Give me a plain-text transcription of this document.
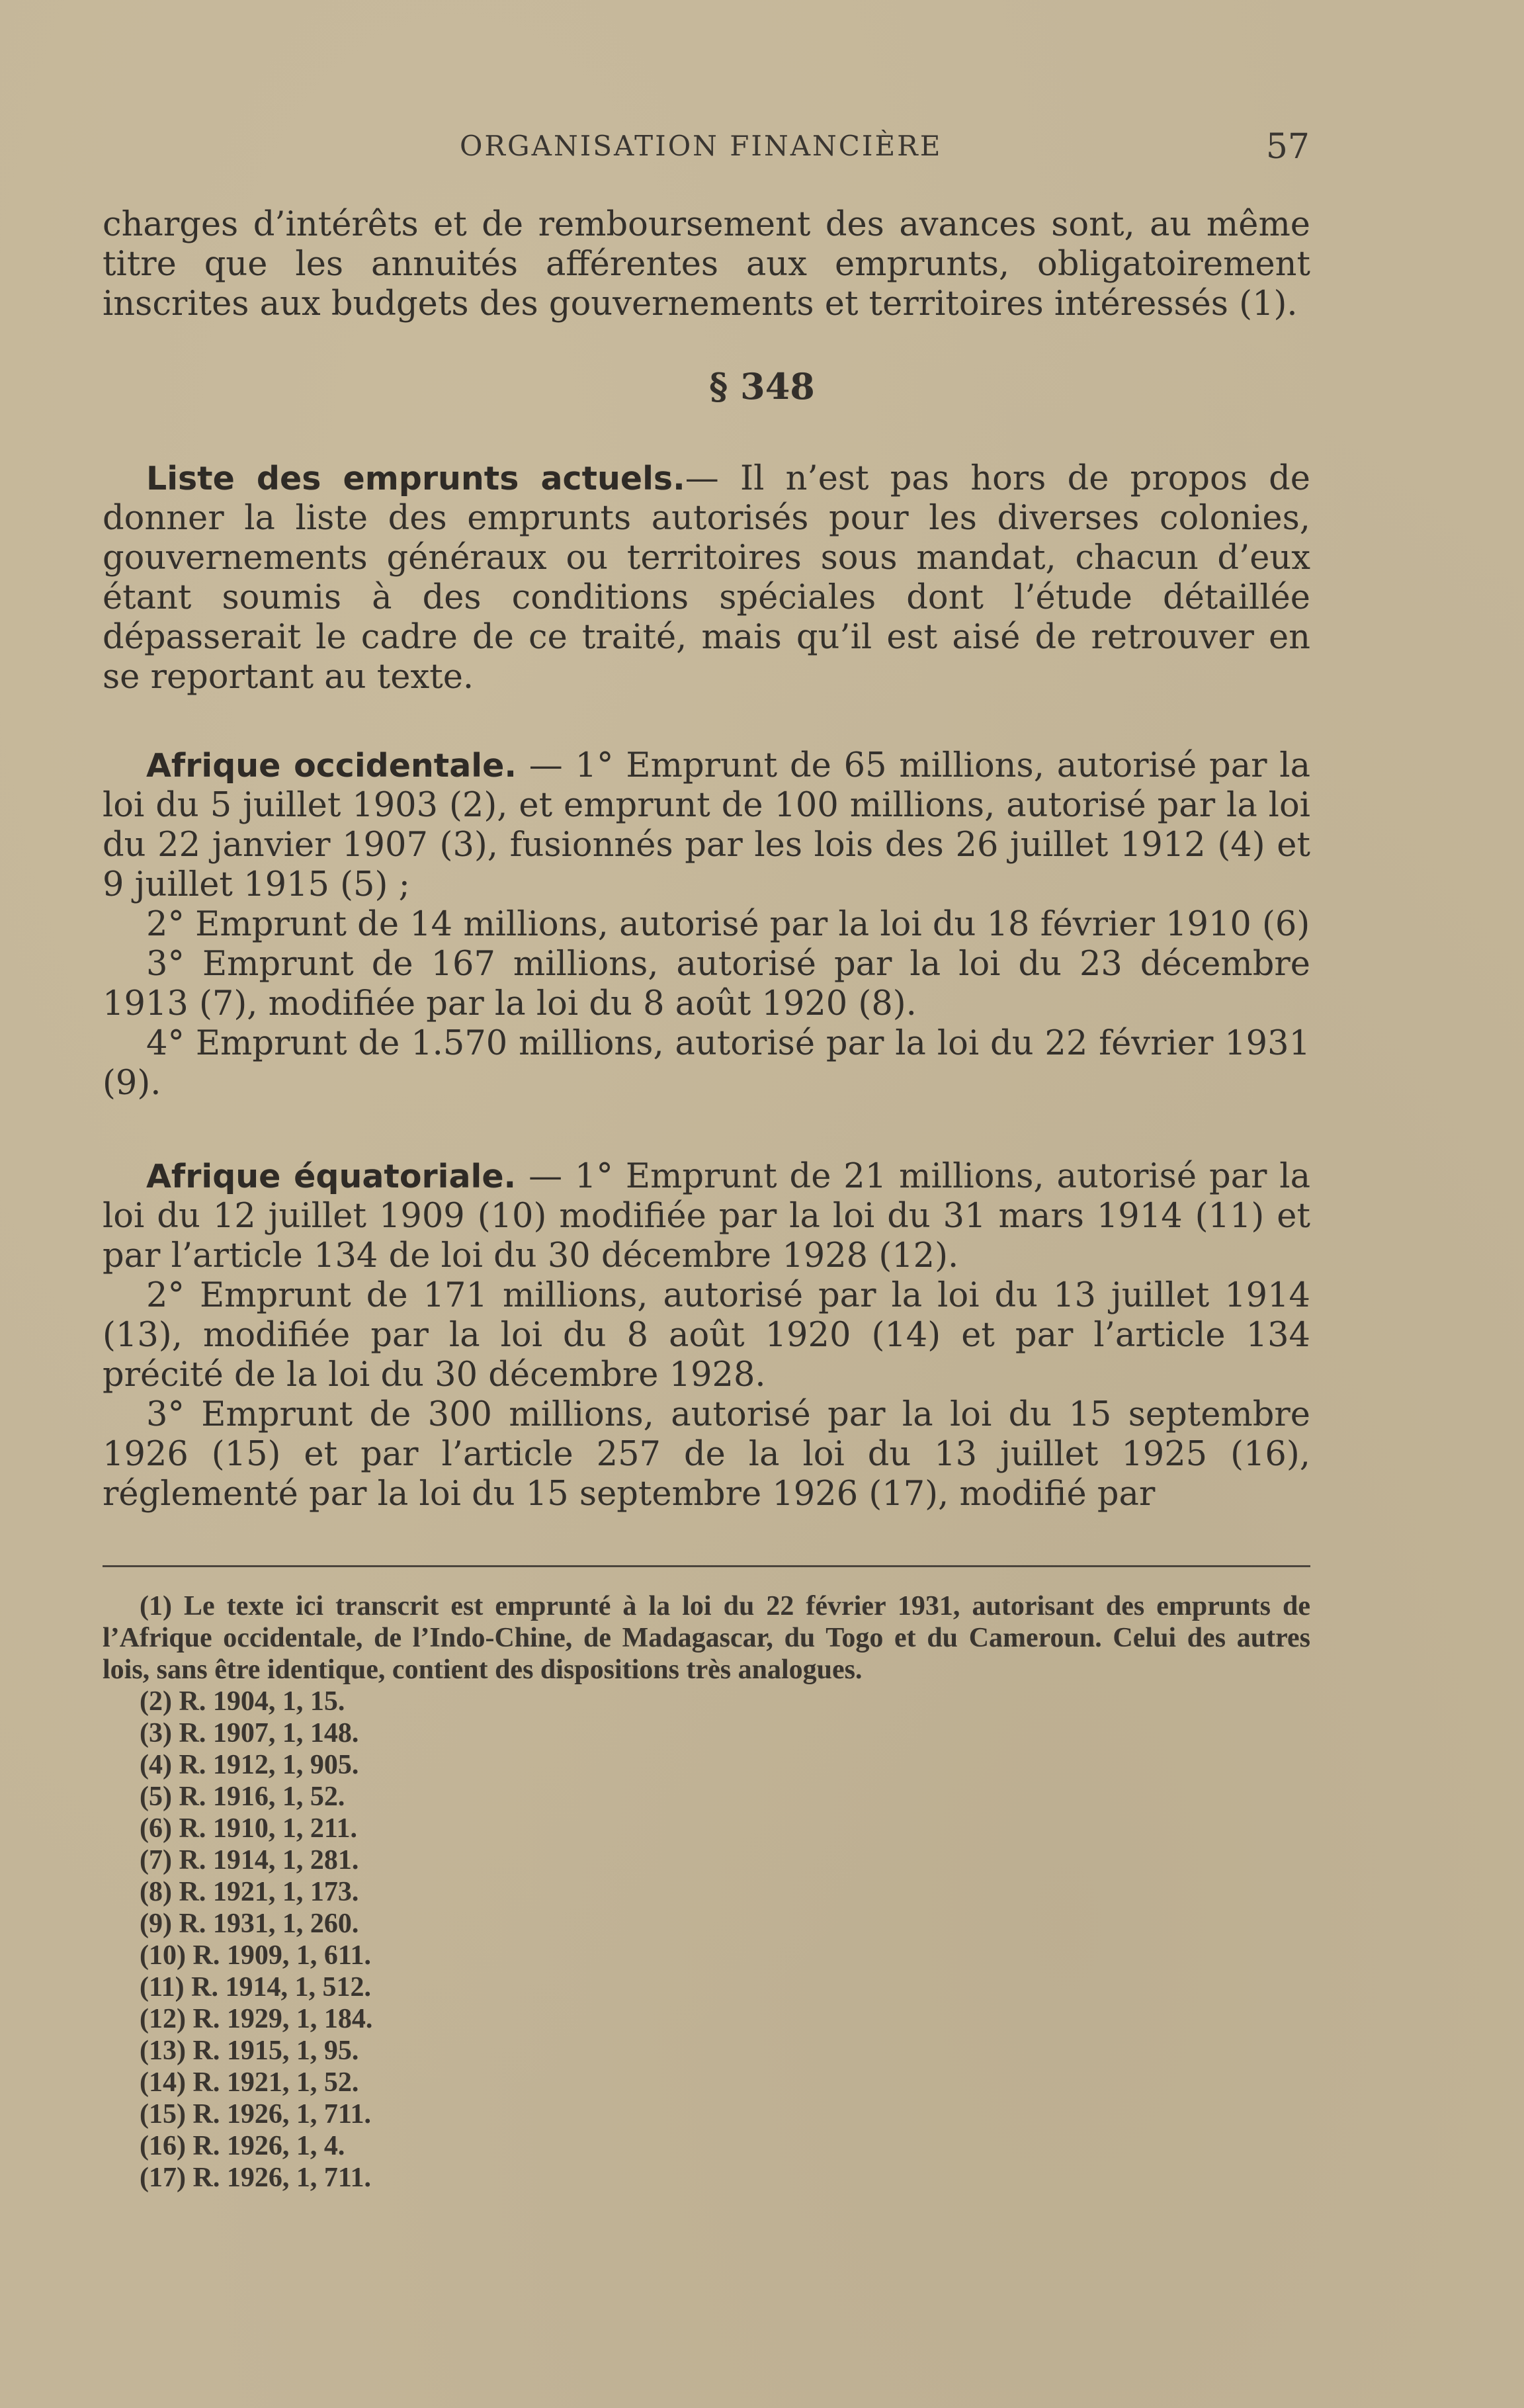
ORGANISATION FINANCIÈRE	57

charges d’intérêts et de remboursement des avances sont, au même titre que les annuités afférentes aux emprunts, obligatoirement inscrites aux budgets des gouvernements et territoires intéressés (1).

§ 348

Liste des emprunts actuels.— Il n’est pas hors de propos de donner la liste des emprunts autorisés pour les diverses colonies, gouvernements généraux ou territoires sous mandat, chacun d’eux étant soumis à des conditions spéciales dont l’étude détaillée dépasserait le cadre de ce traité, mais qu’il est aisé de retrouver en se reportant au texte.

Afrique occidentale. — 1° Emprunt de 65 millions, autorisé par la loi du 5 juillet 1903 (2), et emprunt de 100 millions, autorisé par la loi du 22 janvier 1907 (3), fusionnés par les lois des 26 juillet 1912 (4) et 9 juillet 1915 (5) ;

2° Emprunt de 14 millions, autorisé par la loi du 18 février 1910 (6)

3° Emprunt de 167 millions, autorisé par la loi du 23 décembre 1913 (7), modifiée par la loi du 8 août 1920 (8).

4° Emprunt de 1.570 millions, autorisé par la loi du 22 février 1931 (9).

Afrique équatoriale. — 1° Emprunt de 21 millions, autorisé par la loi du 12 juillet 1909 (10) modifiée par la loi du 31 mars 1914 (11) et par l’article 134 de loi du 30 décembre 1928 (12).

2° Emprunt de 171 millions, autorisé par la loi du 13 juillet 1914 (13), modifiée par la loi du 8 août 1920 (14) et par l’article 134 précité de la loi du 30 décembre 1928.

3° Emprunt de 300 millions, autorisé par la loi du 15 septembre 1926 (15) et par l’article 257 de la loi du 13 juillet 1925 (16), réglementé par la loi du 15 septembre 1926 (17), modifié par

(1) Le texte ici transcrit est emprunté à la loi du 22 février 1931, autorisant des emprunts de l’Afrique occidentale, de l’Indo-Chine, de Madagascar, du Togo et du Cameroun. Celui des autres lois, sans être identique, contient des dispositions très analogues.

(2) R. 1904, 1, 15.
(3) R. 1907, 1, 148.
(4) R. 1912, 1, 905.
(5) R. 1916, 1, 52.
(6) R. 1910, 1, 211.
(7) R. 1914, 1, 281.
(8) R. 1921, 1, 173.
(9) R. 1931, 1, 260.
(10) R. 1909, 1, 611.
(11) R. 1914, 1, 512.
(12) R. 1929, 1, 184.
(13) R. 1915, 1, 95.
(14) R. 1921, 1, 52.
(15) R. 1926, 1, 711.
(16) R. 1926, 1, 4.
(17) R. 1926, 1, 711.
